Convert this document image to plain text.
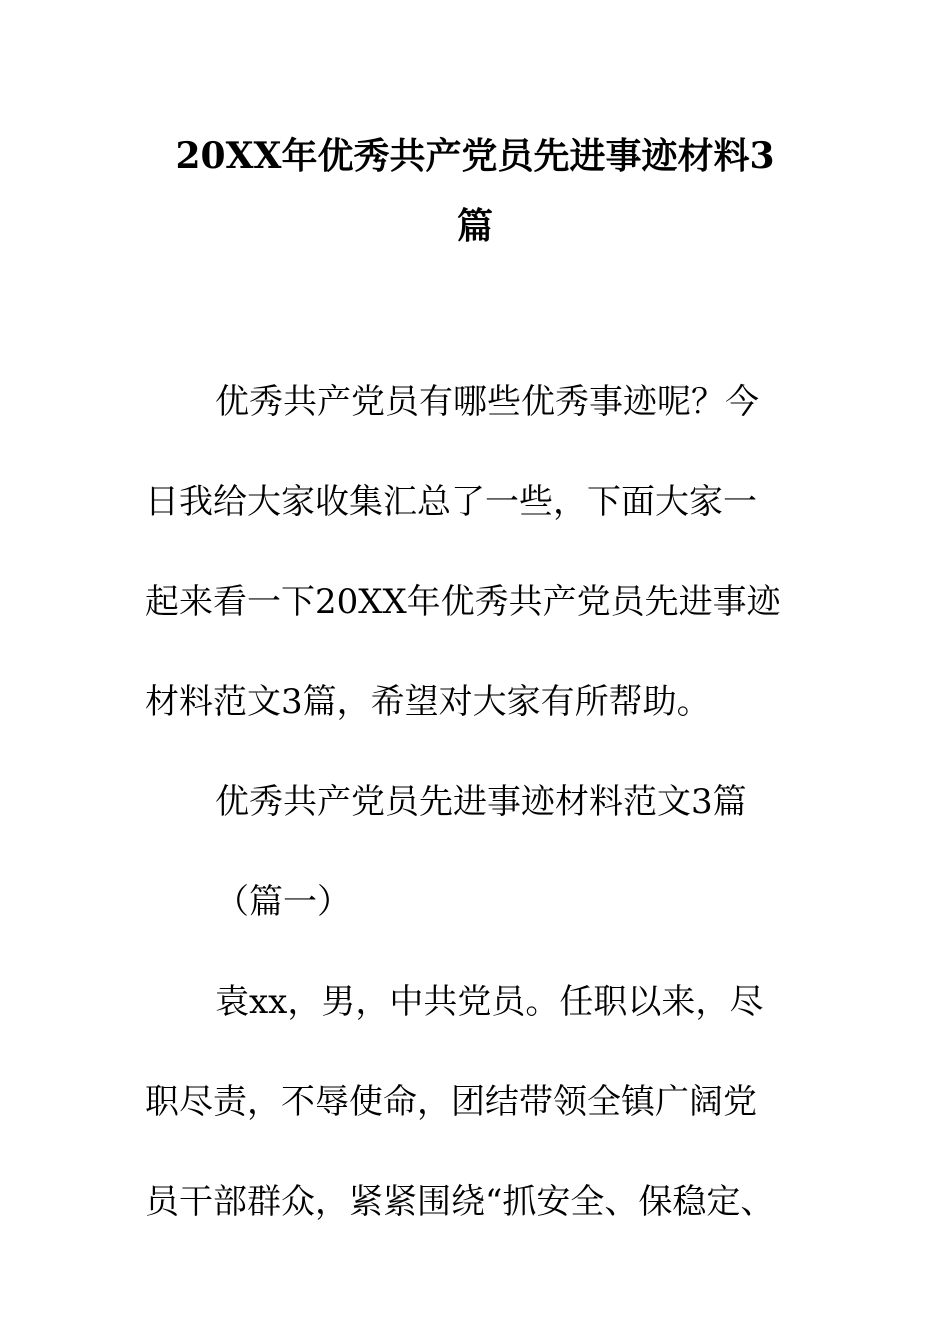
20XX年优秀共产党员先进事迹材料3
篇
优秀共产党员有哪些优秀事迹呢？今
日我给大家收集汇总了一些，下面大家一
起来看一下20XX年优秀共产党员先进事迹
材料范文3篇，希望对大家有所帮助。
优秀共产党员先进事迹材料范文3篇
（篇一）
袁xx，男，中共党员。任职以来，尽
职尽责，不辱使命，团结带领全镇广阔党
员干部群众，紧紧围绕“抓安全、保稳定、
